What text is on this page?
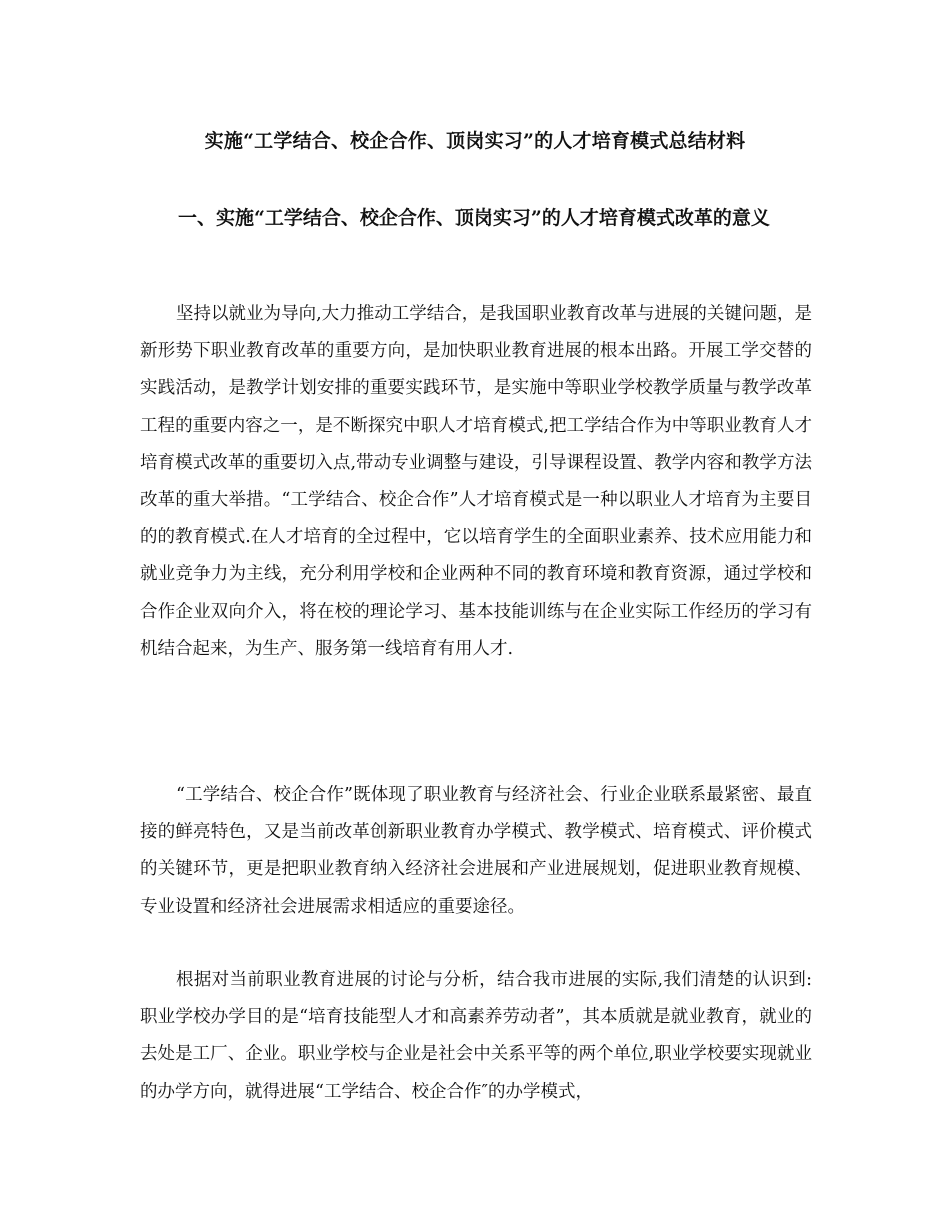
实施“工学结合、校企合作、顶岗实习”的人才培育模式总结材料
一、实施“工学结合、校企合作、顶岗实习”的人才培育模式改革的意义

坚持以就业为导向,大力推动工学结合，是我国职业教育改革与进展的关键问题，是新形势下职业教育改革的重要方向，是加快职业教育进展的根本出路。开展工学交替的实践活动，是教学计划安排的重要实践环节，是实施中等职业学校教学质量与教学改革工程的重要内容之一，是不断探究中职人才培育模式,把工学结合作为中等职业教育人才培育模式改革的重要切入点,带动专业调整与建设，引导课程设置、教学内容和教学方法改革的重大举措。“工学结合、校企合作”人才培育模式是一种以职业人才培育为主要目的的教育模式.在人才培育的全过程中，它以培育学生的全面职业素养、技术应用能力和就业竞争力为主线，充分利用学校和企业两种不同的教育环境和教育资源，通过学校和合作企业双向介入，将在校的理论学习、基本技能训练与在企业实际工作经历的学习有机结合起来，为生产、服务第一线培育有用人才.

“工学结合、校企合作”既体现了职业教育与经济社会、行业企业联系最紧密、最直接的鲜亮特色，又是当前改革创新职业教育办学模式、教学模式、培育模式、评价模式的关键环节，更是把职业教育纳入经济社会进展和产业进展规划，促进职业教育规模、专业设置和经济社会进展需求相适应的重要途径。

根据对当前职业教育进展的讨论与分析，结合我市进展的实际,我们清楚的认识到:职业学校办学目的是“培育技能型人才和高素养劳动者”，其本质就是就业教育，就业的去处是工厂、企业。职业学校与企业是社会中关系平等的两个单位,职业学校要实现就业的办学方向，就得进展“工学结合、校企合作″的办学模式，
